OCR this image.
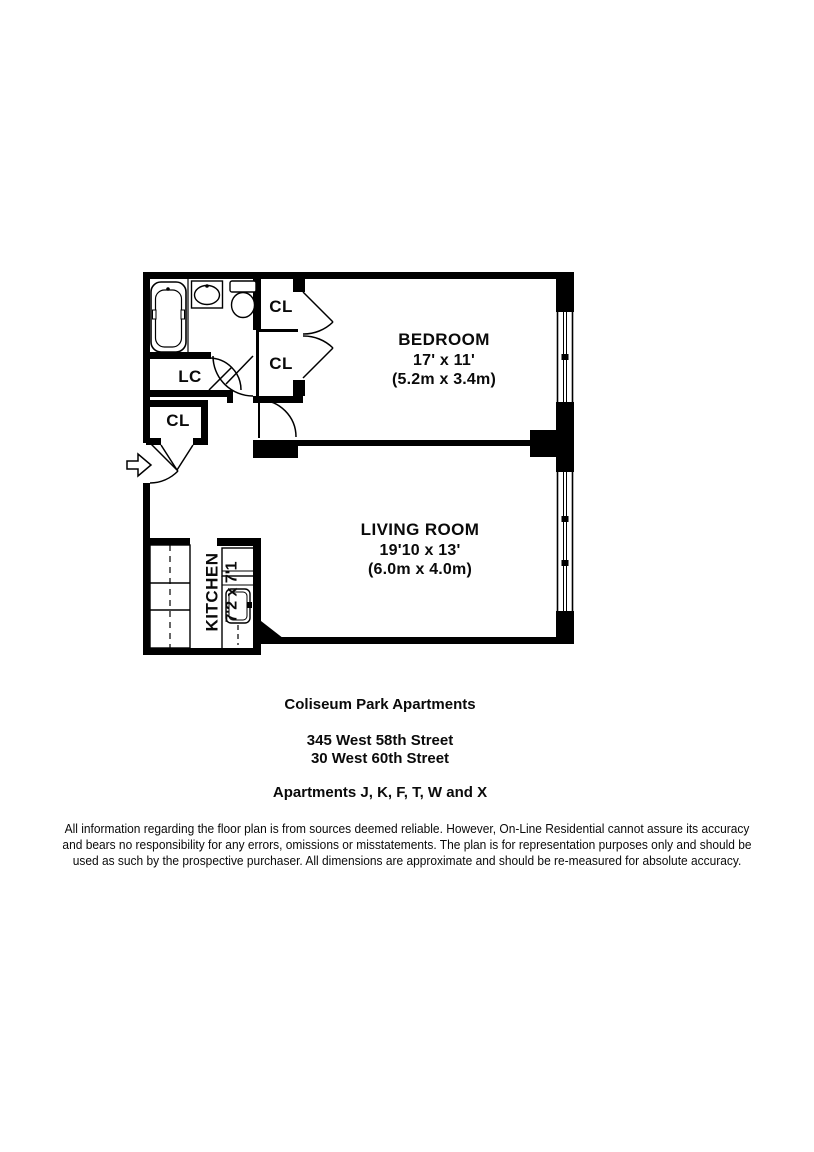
BEDROOM
17' x 11'
(5.2m x 3.4m)
LIVING ROOM
19'10 x 13'
(6.0m x 4.0m)
CL
CL
LC
CL
KITCHEN 7'2 x 7'1
Coliseum Park Apartments
345 West 58th Street
30 West 60th Street
Apartments J, K, F, T, W and X
All information regarding the floor plan is from sources deemed reliable. However, On-Line Residential cannot assure its accuracy
and bears no responsibility for any errors, omissions or misstatements. The plan is for representation purposes only and should be
used as such by the prospective purchaser. All dimensions are approximate and should be re-measured for absolute accuracy.
